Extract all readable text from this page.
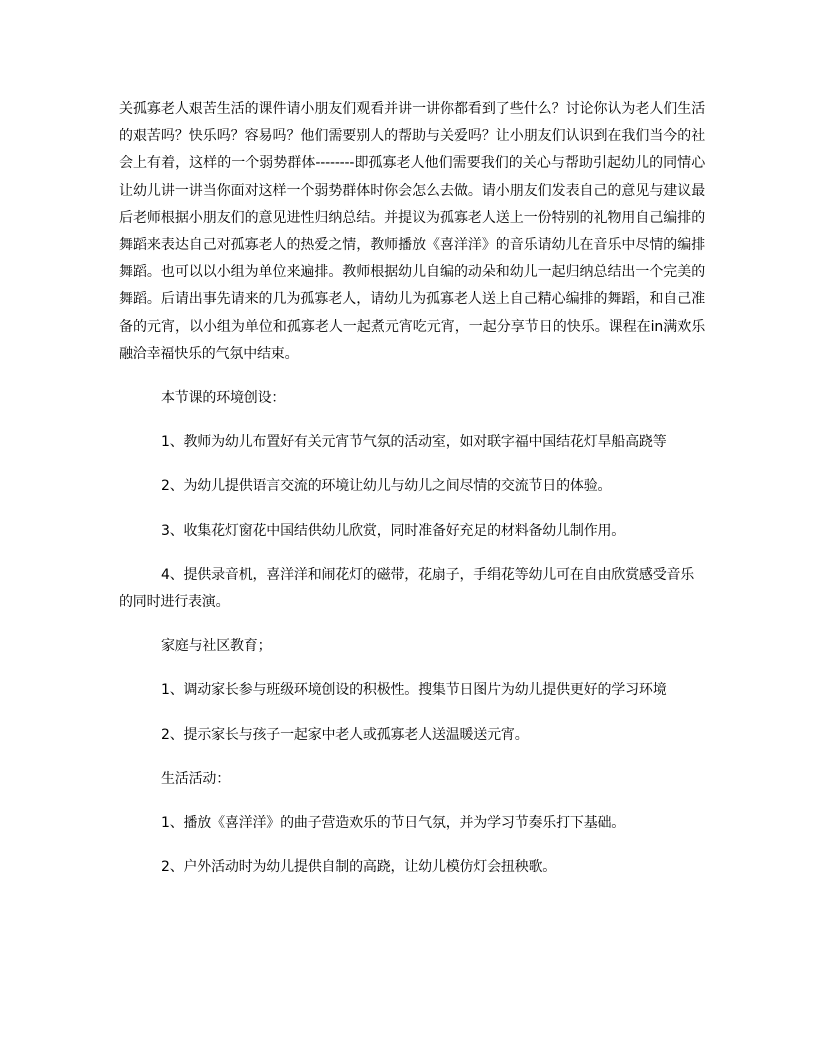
关孤寡老人艰苦生活的课件请小朋友们观看并讲一讲你都看到了些什么？讨论你认为老人们生活的艰苦吗？快乐吗？容易吗？他们需要别人的帮助与关爱吗？让小朋友们认识到在我们当今的社会上有着，这样的一个弱势群体--------即孤寡老人他们需要我们的关心与帮助引起幼儿的同情心让幼儿讲一讲当你面对这样一个弱势群体时你会怎么去做。请小朋友们发表自己的意见与建议最后老师根据小朋友们的意见进性归纳总结。并提议为孤寡老人送上一份特别的礼物用自己编排的舞蹈来表达自己对孤寡老人的热爱之情，教师播放《喜洋洋》的音乐请幼儿在音乐中尽情的编排舞蹈。也可以以小组为单位来遍排。教师根据幼儿自编的动朵和幼儿一起归纳总结出一个完美的舞蹈。后请出事先请来的几为孤寡老人，请幼儿为孤寡老人送上自己精心编排的舞蹈，和自己准备的元宵，以小组为单位和孤寡老人一起煮元宵吃元宵，一起分享节日的快乐。课程在in满欢乐融洽幸福快乐的气氛中结束。

本节课的环境创设：

1、教师为幼儿布置好有关元宵节气氛的活动室，如对联字福中国结花灯旱船高跷等

2、为幼儿提供语言交流的环境让幼儿与幼儿之间尽情的交流节日的体验。

3、收集花灯窗花中国结供幼儿欣赏，同时准备好充足的材料备幼儿制作用。

4、提供录音机，喜洋洋和闹花灯的磁带，花扇子，手绢花等幼儿可在自由欣赏感受音乐的同时进行表演。

家庭与社区教育；

1、调动家长参与班级环境创设的积极性。搜集节日图片为幼儿提供更好的学习环境

2、提示家长与孩子一起家中老人或孤寡老人送温暖送元宵。

生活活动：

1、播放《喜洋洋》的曲子营造欢乐的节日气氛，并为学习节奏乐打下基础。

2、户外活动时为幼儿提供自制的高跷，让幼儿模仿灯会扭秧歌。
